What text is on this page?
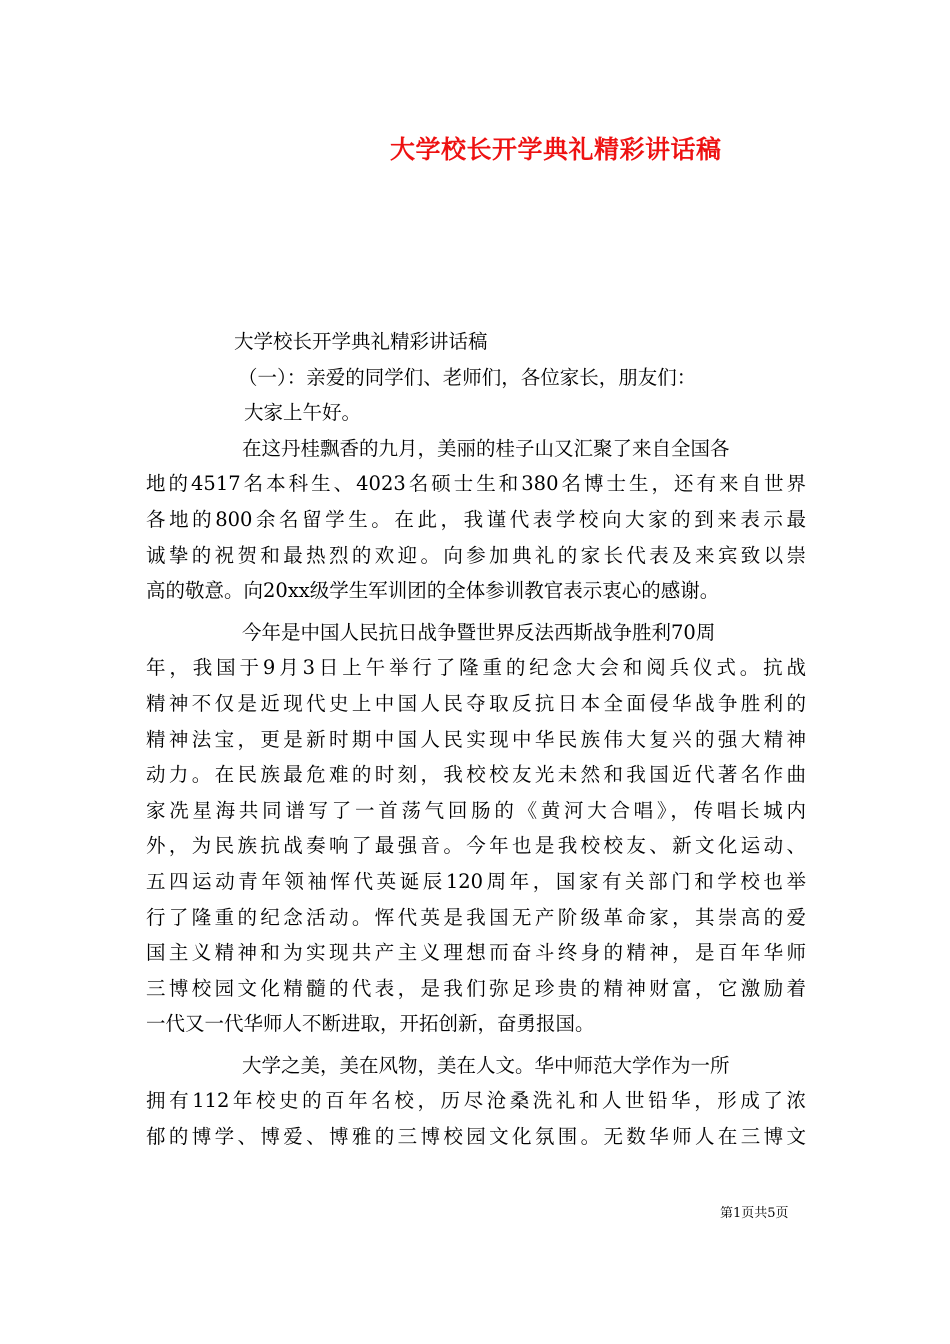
大学校长开学典礼精彩讲话稿
大学校长开学典礼精彩讲话稿
（一）：亲爱的同学们、老师们，各位家长，朋友们：
大家上午好。
在这丹桂飘香的九月，美丽的桂子山又汇聚了来自全国各
地的4517名本科生、4023名硕士生和380名博士生，还有来自世界
各地的800余名留学生。在此，我谨代表学校向大家的到来表示最
诚挚的祝贺和最热烈的欢迎。向参加典礼的家长代表及来宾致以崇
高的敬意。向20xx级学生军训团的全体参训教官表示衷心的感谢。
今年是中国人民抗日战争暨世界反法西斯战争胜利70周
年，我国于9月3日上午举行了隆重的纪念大会和阅兵仪式。抗战
精神不仅是近现代史上中国人民夺取反抗日本全面侵华战争胜利的
精神法宝，更是新时期中国人民实现中华民族伟大复兴的强大精神
动力。在民族最危难的时刻，我校校友光未然和我国近代著名作曲
家冼星海共同谱写了一首荡气回肠的《黄河大合唱》，传唱长城内
外，为民族抗战奏响了最强音。今年也是我校校友、新文化运动、
五四运动青年领袖恽代英诞辰120周年，国家有关部门和学校也举
行了隆重的纪念活动。恽代英是我国无产阶级革命家，其崇高的爱
国主义精神和为实现共产主义理想而奋斗终身的精神，是百年华师
三博校园文化精髓的代表，是我们弥足珍贵的精神财富，它激励着
一代又一代华师人不断进取，开拓创新，奋勇报国。
大学之美，美在风物，美在人文。华中师范大学作为一所
拥有112年校史的百年名校，历尽沧桑洗礼和人世铅华，形成了浓
郁的博学、博爱、博雅的三博校园文化氛围。无数华师人在三博文
第1页共5页
